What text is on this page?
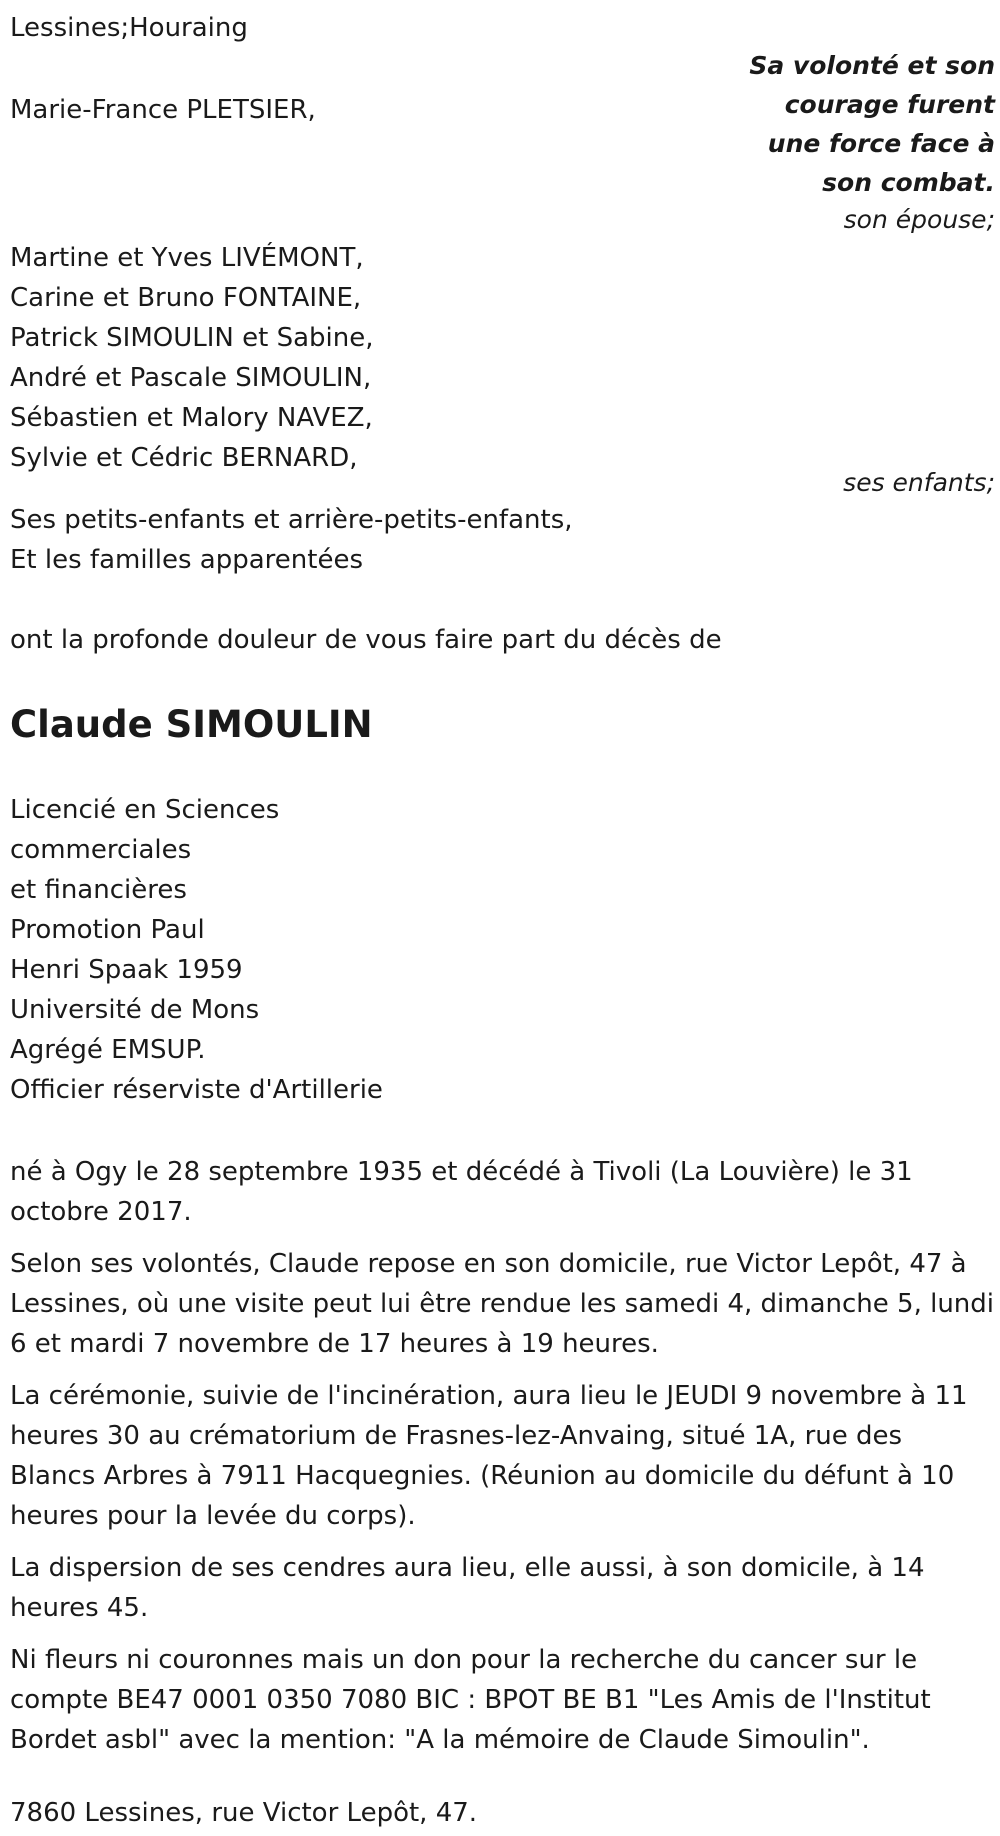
Lessines;Houraing
Sa volonté et son
courage furent
une force face à
son combat.
Marie-France PLETSIER,
son épouse;
Martine et Yves LIVÉMONT,
Carine et Bruno FONTAINE,
Patrick SIMOULIN et Sabine,
André et Pascale SIMOULIN,
Sébastien et Malory NAVEZ,
Sylvie et Cédric BERNARD,
ses enfants;
Ses petits-enfants et arrière-petits-enfants,
Et les familles apparentées
ont la profonde douleur de vous faire part du décès de
Claude SIMOULIN
Licencié en Sciences
commerciales
et financières
Promotion Paul
Henri Spaak 1959
Université de Mons
Agrégé EMSUP.
Officier réserviste d'Artillerie

né à Ogy le 28 septembre 1935 et décédé à Tivoli (La Louvière) le 31 octobre 2017.

Selon ses volontés, Claude repose en son domicile, rue Victor Lepôt, 47 à Lessines, où une visite peut lui être rendue les samedi 4, dimanche 5, lundi 6 et mardi 7 novembre de 17 heures à 19 heures.

La cérémonie, suivie de l'incinération, aura lieu le JEUDI 9 novembre à 11 heures 30 au crématorium de Frasnes-lez-Anvaing, situé 1A, rue des Blancs Arbres à 7911 Hacquegnies. (Réunion au domicile du défunt à 10 heures pour la levée du corps).

La dispersion de ses cendres aura lieu, elle aussi, à son domicile, à 14 heures 45.

Ni fleurs ni couronnes mais un don pour la recherche du cancer sur le compte BE47 0001 0350 7080 BIC : BPOT BE B1 "Les Amis de l'Institut Bordet asbl" avec la mention: "A la mémoire de Claude Simoulin".

7860 Lessines, rue Victor Lepôt, 47.
